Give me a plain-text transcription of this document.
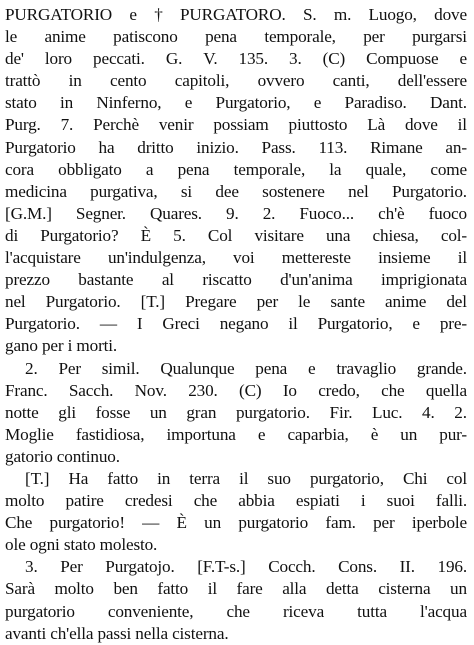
PURGATORIO e † PURGATORO. S. m. Luogo, dove
le anime patiscono pena temporale, per purgarsi
de' loro peccati. G. V. 135. 3. (C) Compuose e
trattò in cento capitoli, ovvero canti, dell'essere
stato in Ninferno, e Purgatorio, e Paradiso. Dant.
Purg. 7. Perchè venir possiam piuttosto Là dove il
Purgatorio ha dritto inizio. Pass. 113. Rimane an-
cora obbligato a pena temporale, la quale, come
medicina purgativa, si dee sostenere nel Purgatorio.
[G.M.] Segner. Quares. 9. 2. Fuoco... ch'è fuoco
di Purgatorio? È 5. Col visitare una chiesa, col-
l'acquistare un'indulgenza, voi mettereste insieme il
prezzo bastante al riscatto d'un'anima imprigionata
nel Purgatorio. [T.] Pregare per le sante anime del
Purgatorio. — I Greci negano il Purgatorio, e pre-
gano per i morti.
2. Per simil. Qualunque pena e travaglio grande.
Franc. Sacch. Nov. 230. (C) Io credo, che quella
notte gli fosse un gran purgatorio. Fir. Luc. 4. 2.
Moglie fastidiosa, importuna e caparbia, è un pur-
gatorio continuo.
[T.] Ha fatto in terra il suo purgatorio, Chi col
molto patire credesi che abbia espiati i suoi falli.
Che purgatorio! — È un purgatorio fam. per iperbole
ole ogni stato molesto.
3. Per Purgatojo. [F.T-s.] Cocch. Cons. II. 196.
Sarà molto ben fatto il fare alla detta cisterna un
purgatorio conveniente, che riceva tutta l'acqua
avanti ch'ella passi nella cisterna.
